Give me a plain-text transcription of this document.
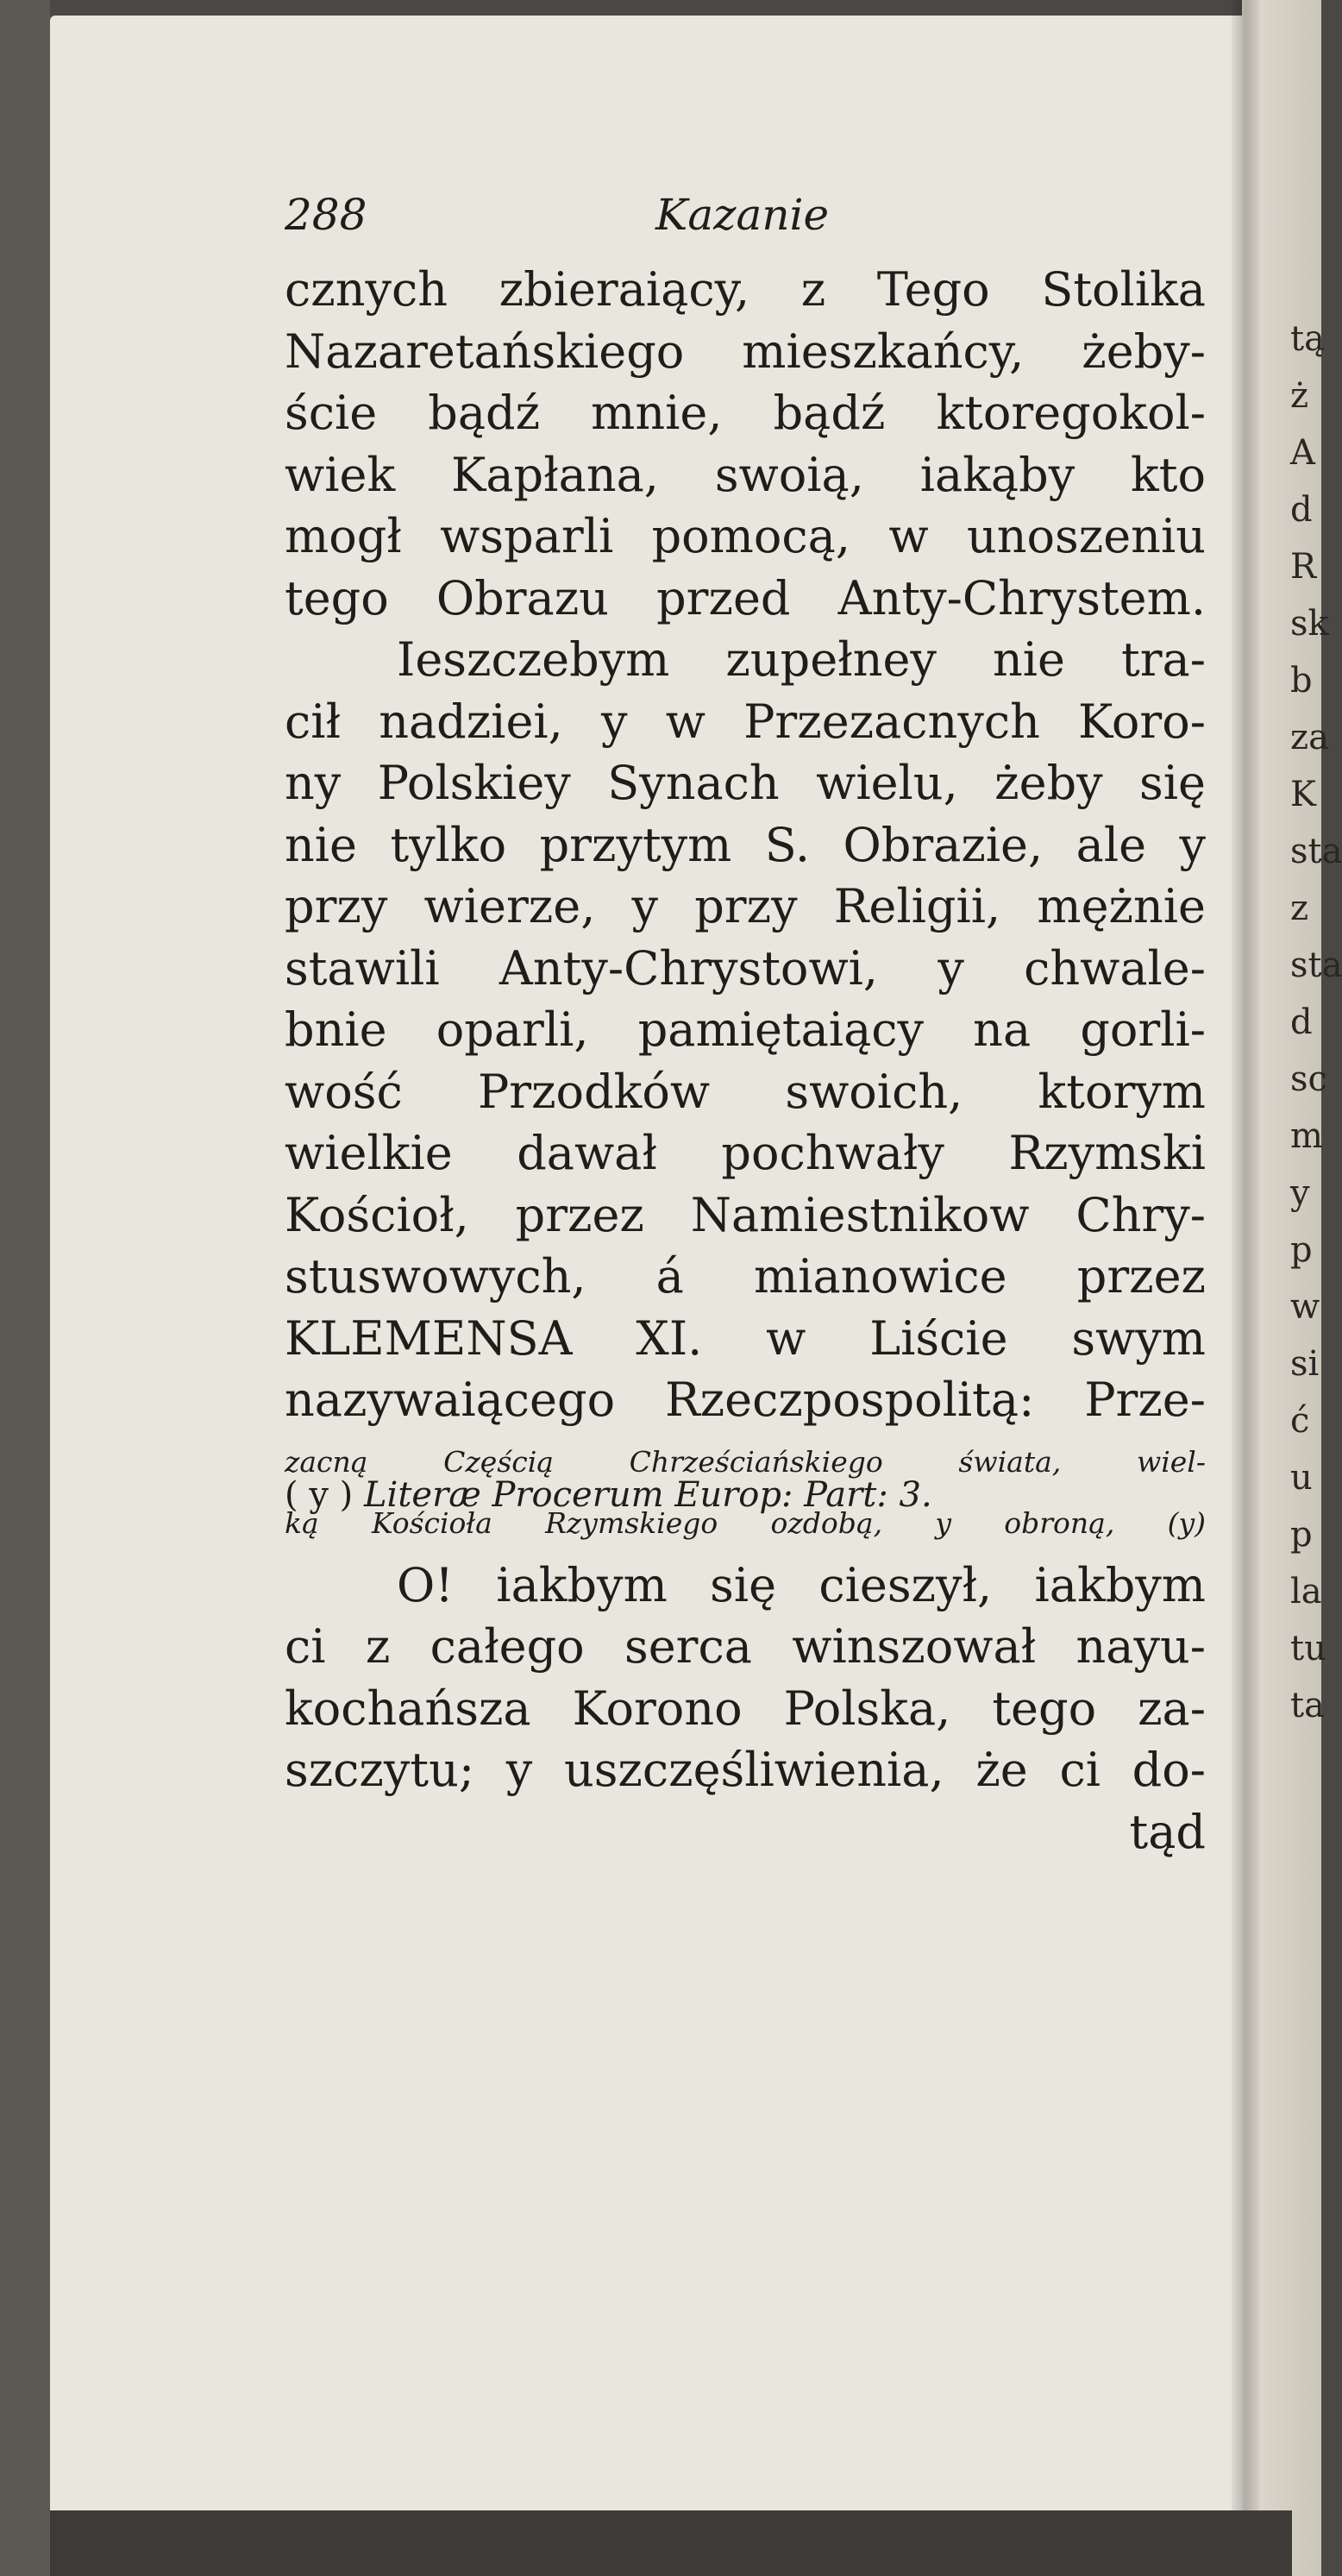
288	Kazanie
cznych zbieraiący, z Tego Stolika
Nazaretańskiego mieszkańcy, żeby-
ście bądź mnie, bądź ktoregokol-
wiek Kapłana, swoią, iakąby kto
mogł wsparli pomocą, w unoszeniu
tego Obrazu przed Anty-Chrystem.
Ieszczebym zupełney nie tra-
cił nadziei, y w Przezacnych Koro-
ny Polskiey Synach wielu, żeby się
nie tylko przytym S. Obrazie, ale y
przy wierze, y przy Religii, mężnie
stawili Anty-Chrystowi, y chwale-
bnie oparli, pamiętaiący na gorli-
wość Przodków swoich, ktorym
wielkie dawał pochwały Rzymski
Kościoł, przez Namiestnikow Chry-
stuswowych, á mianowice przez
KLEMENSA XI. w Liście swym
nazywaiącego Rzeczpospolitą: Prze-
zacną Częścią Chrześciańskiego świata, wiel-
ką Kościoła Rzymskiego ozdobą, y obroną, (y)
O! iakbym się cieszył, iakbym
ci z całego serca winszował nayu-
kochańsza Korono Polska, tego za-
szczytu; y uszczęśliwienia, że ci do-
tąd
( y ) Literæ Procerum Europ: Part: 3.
tą
ż
A
d
R
sk
b
za
K
sta
z
sta
d
sc
m
y
p
w
si
ć
u
p
la
tu
ta
